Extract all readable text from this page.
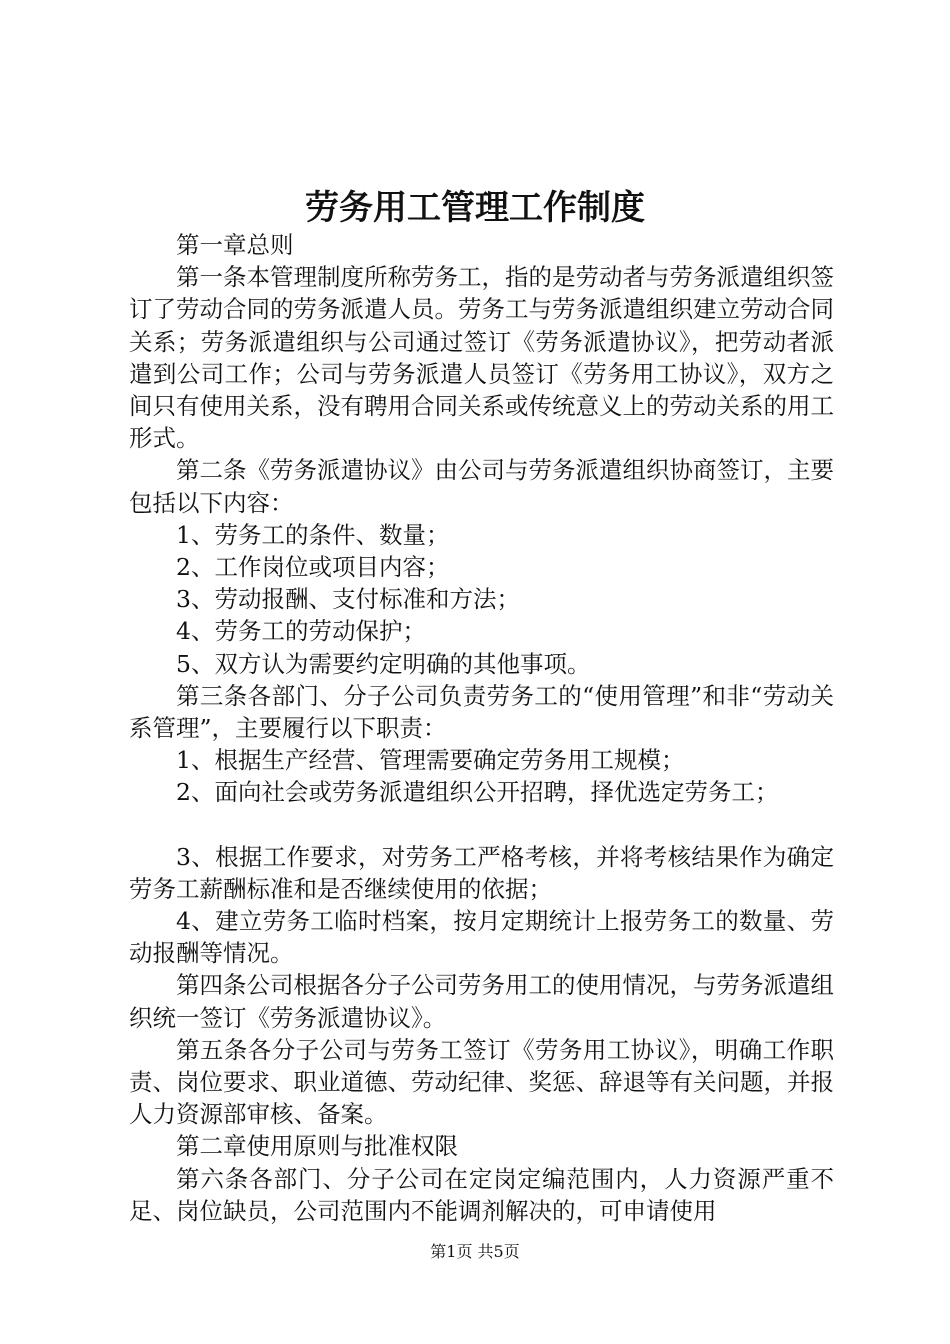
劳务用工管理工作制度

第一章总则

第一条本管理制度所称劳务工，指的是劳动者与劳务派遣组织签订了劳动合同的劳务派遣人员。劳务工与劳务派遣组织建立劳动合同关系；劳务派遣组织与公司通过签订《劳务派遣协议》，把劳动者派遣到公司工作；公司与劳务派遣人员签订《劳务用工协议》，双方之间只有使用关系，没有聘用合同关系或传统意义上的劳动关系的用工形式。

第二条《劳务派遣协议》由公司与劳务派遣组织协商签订，主要包括以下内容：

1、劳务工的条件、数量；

2、工作岗位或项目内容；

3、劳动报酬、支付标准和方法；

4、劳务工的劳动保护；

5、双方认为需要约定明确的其他事项。

第三条各部门、分子公司负责劳务工的“使用管理”和非“劳动关系管理”，主要履行以下职责：

1、根据生产经营、管理需要确定劳务用工规模；

2、面向社会或劳务派遣组织公开招聘，择优选定劳务工；

3、根据工作要求，对劳务工严格考核，并将考核结果作为确定劳务工薪酬标准和是否继续使用的依据；

4、建立劳务工临时档案，按月定期统计上报劳务工的数量、劳动报酬等情况。

第四条公司根据各分子公司劳务用工的使用情况，与劳务派遣组织统一签订《劳务派遣协议》。

第五条各分子公司与劳务工签订《劳务用工协议》，明确工作职责、岗位要求、职业道德、劳动纪律、奖惩、辞退等有关问题，并报人力资源部审核、备案。

第二章使用原则与批准权限

第六条各部门、分子公司在定岗定编范围内，人力资源严重不足、岗位缺员，公司范围内不能调剂解决的，可申请使用

第1页 共5页
